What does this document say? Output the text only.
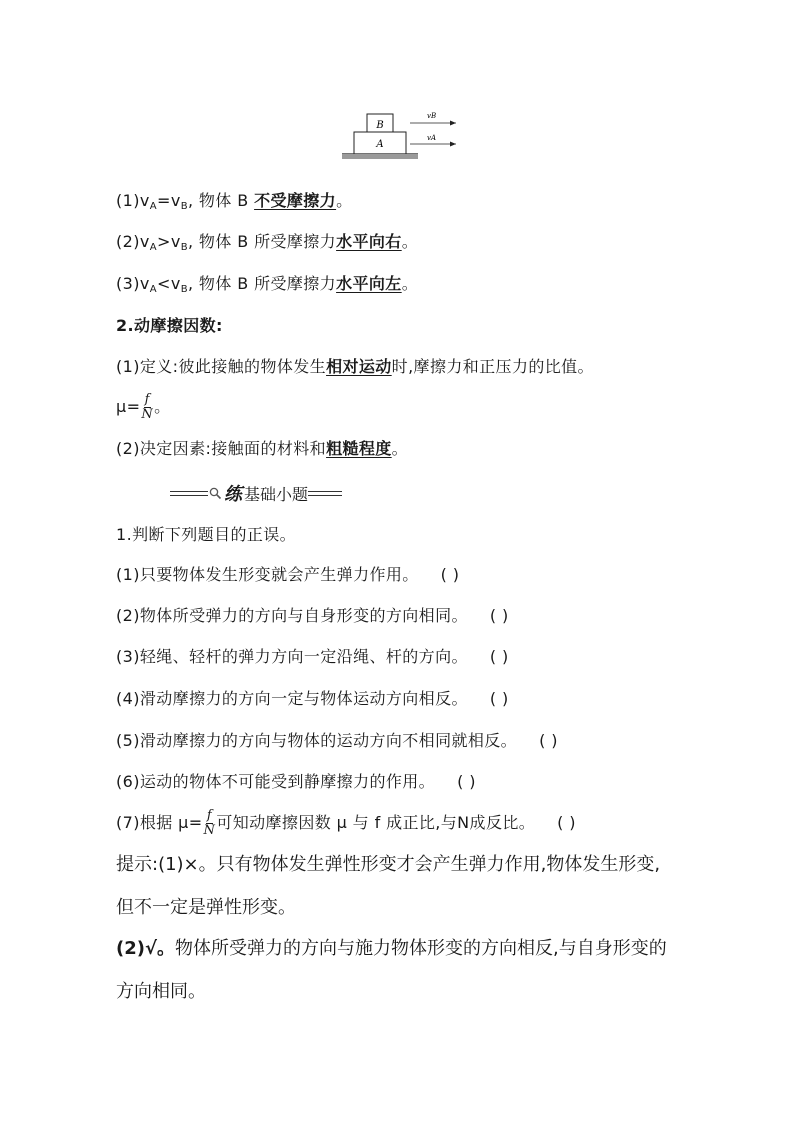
B
A
vB
vA
$(1)v_A=v_B$, 物体 B 不受摩擦力。
$(2)v_A>v_B$, 物体 B 所受摩擦力水平向右。
$(3)v_A<v_B$, 物体 B 所受摩擦力水平向左。
2.动摩擦因数:
(1)定义:彼此接触的物体发生相对运动时,摩擦力和正压力的比值。
$\mu= \frac{f}{N}$ 。
(2)决定因素:接触面的材料和粗糙程度。
练 基础小题
1.判断下列题目的正误。
(1)只要物体发生形变就会产生弹力作用。 ( )
(2)物体所受弹力的方向与自身形变的方向相同。 ( )
(3)轻绳、轻杆的弹力方向一定沿绳、杆的方向。 ( )
(4)滑动摩擦力的方向一定与物体运动方向相反。 ( )
(5)滑动摩擦力的方向与物体的运动方向不相同就相反。 ( )
(6)运动的物体不可能受到静摩擦力的作用。 ( )
(7)根据 $\mu= \frac{f}{N}$ 可知动摩擦因数 μ 与 f 成正比,与N成反比。 ( )
提示:(1)×。只有物体发生弹性形变才会产生弹力作用,物体发生形变,
但不一定是弹性形变。
(2)√。物体所受弹力的方向与施力物体形变的方向相反,与自身形变的
方向相同。
